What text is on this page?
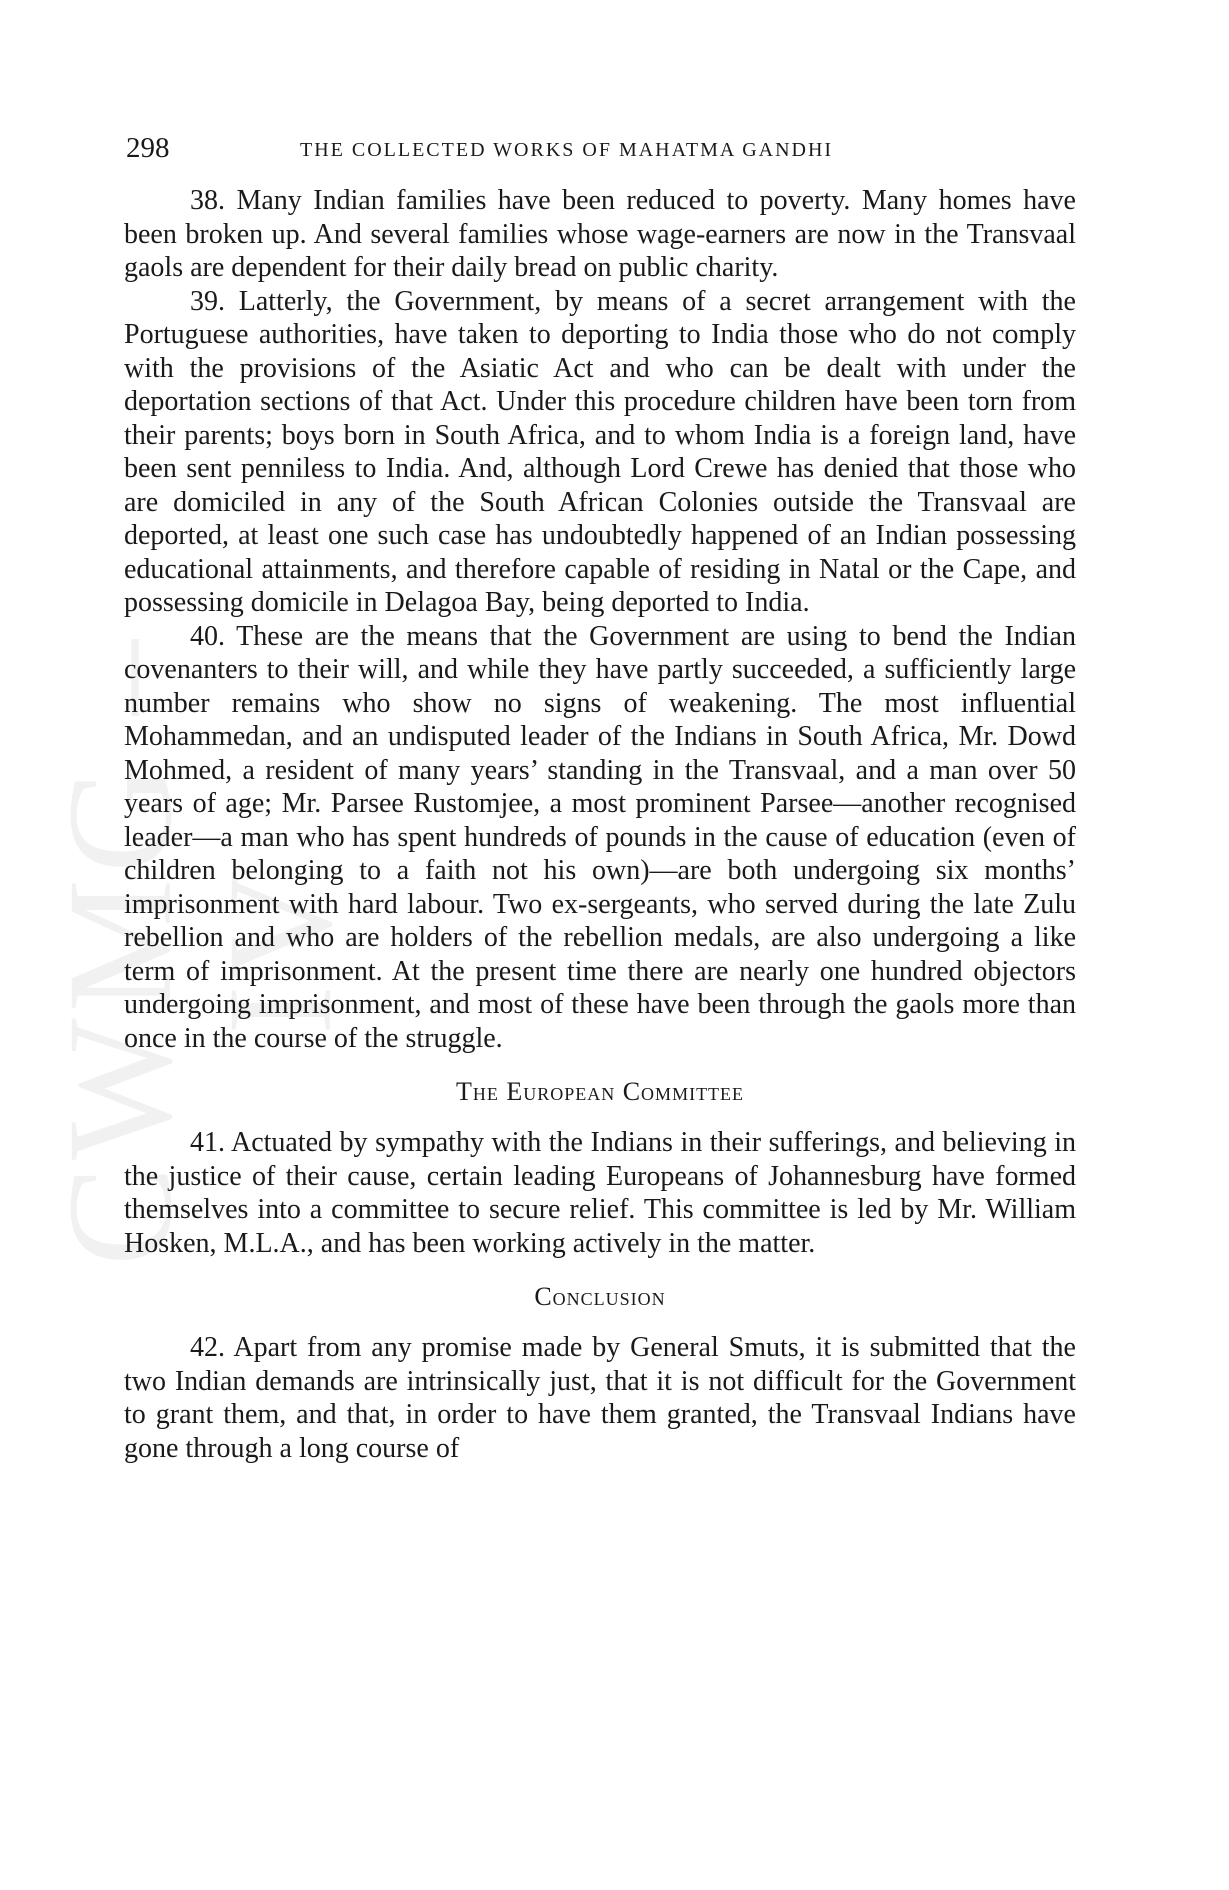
CWMG – IV
298	THE COLLECTED WORKS OF MAHATMA GANDHI

38. Many Indian families have been reduced to poverty. Many homes have been broken up. And several families whose wage-earners are now in the Transvaal gaols are dependent for their daily bread on public charity.

39. Latterly, the Government, by means of a secret arrangement with the Portuguese authorities, have taken to deporting to India those who do not comply with the provisions of the Asiatic Act and who can be dealt with under the deportation sections of that Act. Under this procedure children have been torn from their parents; boys born in South Africa, and to whom India is a foreign land, have been sent penniless to India. And, although Lord Crewe has denied that those who are domiciled in any of the South African Colonies outside the Transvaal are deported, at least one such case has undoubtedly happened of an Indian possessing educational attainments, and therefore capable of residing in Natal or the Cape, and possessing domicile in Delagoa Bay, being deported to India.

40. These are the means that the Government are using to bend the Indian covenanters to their will, and while they have partly succeeded, a sufficiently large number remains who show no signs of weakening. The most influential Mohammedan, and an undisputed leader of the Indians in South Africa, Mr. Dowd Mohmed, a resident of many years’ standing in the Transvaal, and a man over 50 years of age; Mr. Parsee Rustomjee, a most prominent Parsee—another recognised leader—a man who has spent hundreds of pounds in the cause of education (even of children belonging to a faith not his own)—are both undergoing six months’ imprisonment with hard labour. Two ex-sergeants, who served during the late Zulu rebellion and who are holders of the rebellion medals, are also undergoing a like term of imprisonment. At the present time there are nearly one hundred objectors undergoing imprisonment, and most of these have been through the gaols more than once in the course of the struggle.

The European Committee

41. Actuated by sympathy with the Indians in their sufferings, and believing in the justice of their cause, certain leading Europeans of Johannesburg have formed themselves into a committee to secure relief. This committee is led by Mr. William Hosken, M.L.A., and has been working actively in the matter.

Conclusion

42. Apart from any promise made by General Smuts, it is submitted that the two Indian demands are intrinsically just, that it is not difficult for the Government to grant them, and that, in order to have them granted, the Transvaal Indians have gone through a long course of
